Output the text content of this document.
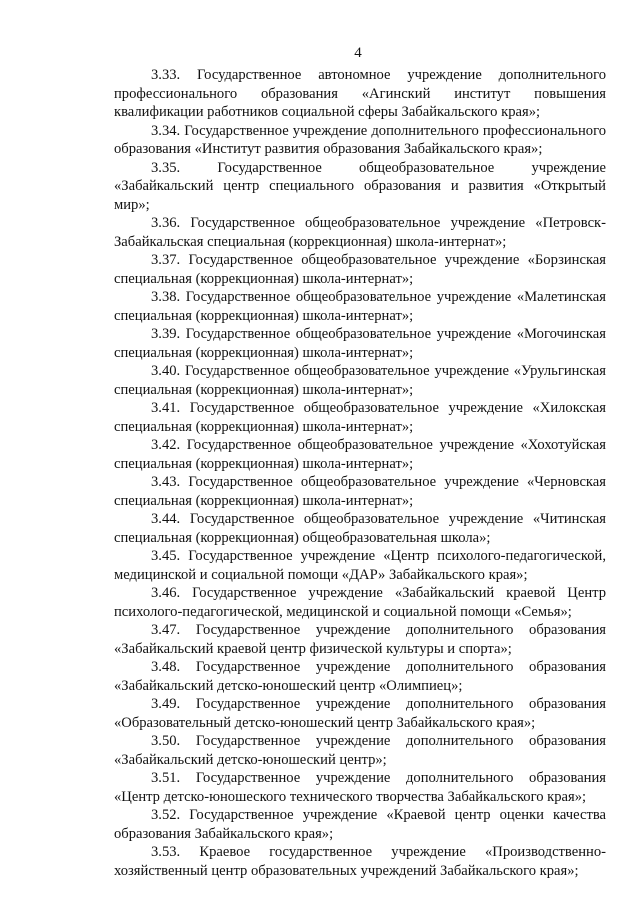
4

3.33. Государственное автономное учреждение дополнительного профессионального образования «Агинский институт повышения квалификации работников социальной сферы Забайкальского края»;

3.34. Государственное учреждение дополнительного профессионального образования «Институт развития образования Забайкальского края»;

3.35. Государственное общеобразовательное учреждение «Забайкальский центр специального образования и развития «Открытый мир»;

3.36. Государственное общеобразовательное учреждение «Петровск-Забайкальская специальная (коррекционная) школа-интернат»;

3.37. Государственное общеобразовательное учреждение «Борзинская специальная (коррекционная) школа-интернат»;

3.38. Государственное общеобразовательное учреждение «Малетинская специальная (коррекционная) школа-интернат»;

3.39. Государственное общеобразовательное учреждение «Могочинская специальная (коррекционная) школа-интернат»;

3.40. Государственное общеобразовательное учреждение «Урульгинская специальная (коррекционная) школа-интернат»;

3.41. Государственное общеобразовательное учреждение «Хилокская специальная (коррекционная) школа-интернат»;

3.42. Государственное общеобразовательное учреждение «Хохотуйская специальная (коррекционная) школа-интернат»;

3.43. Государственное общеобразовательное учреждение «Черновская специальная (коррекционная) школа-интернат»;

3.44. Государственное общеобразовательное учреждение «Читинская специальная (коррекционная) общеобразовательная школа»;

3.45. Государственное учреждение «Центр психолого-педагогической, медицинской и социальной помощи «ДАР» Забайкальского края»;

3.46. Государственное учреждение «Забайкальский краевой Центр психолого-педагогической, медицинской и социальной помощи «Семья»;

3.47. Государственное учреждение дополнительного образования «Забайкальский краевой центр физической культуры и спорта»;

3.48. Государственное учреждение дополнительного образования «Забайкальский детско-юношеский центр «Олимпиец»;

3.49. Государственное учреждение дополнительного образования «Образовательный детско-юношеский центр Забайкальского края»;

3.50. Государственное учреждение дополнительного образования «Забайкальский детско-юношеский центр»;

3.51. Государственное учреждение дополнительного образования «Центр детско-юношеского технического творчества Забайкальского края»;

3.52. Государственное учреждение «Краевой центр оценки качества образования Забайкальского края»;

3.53. Краевое государственное учреждение «Производственно-хозяйственный центр образовательных учреждений Забайкальского края»;
